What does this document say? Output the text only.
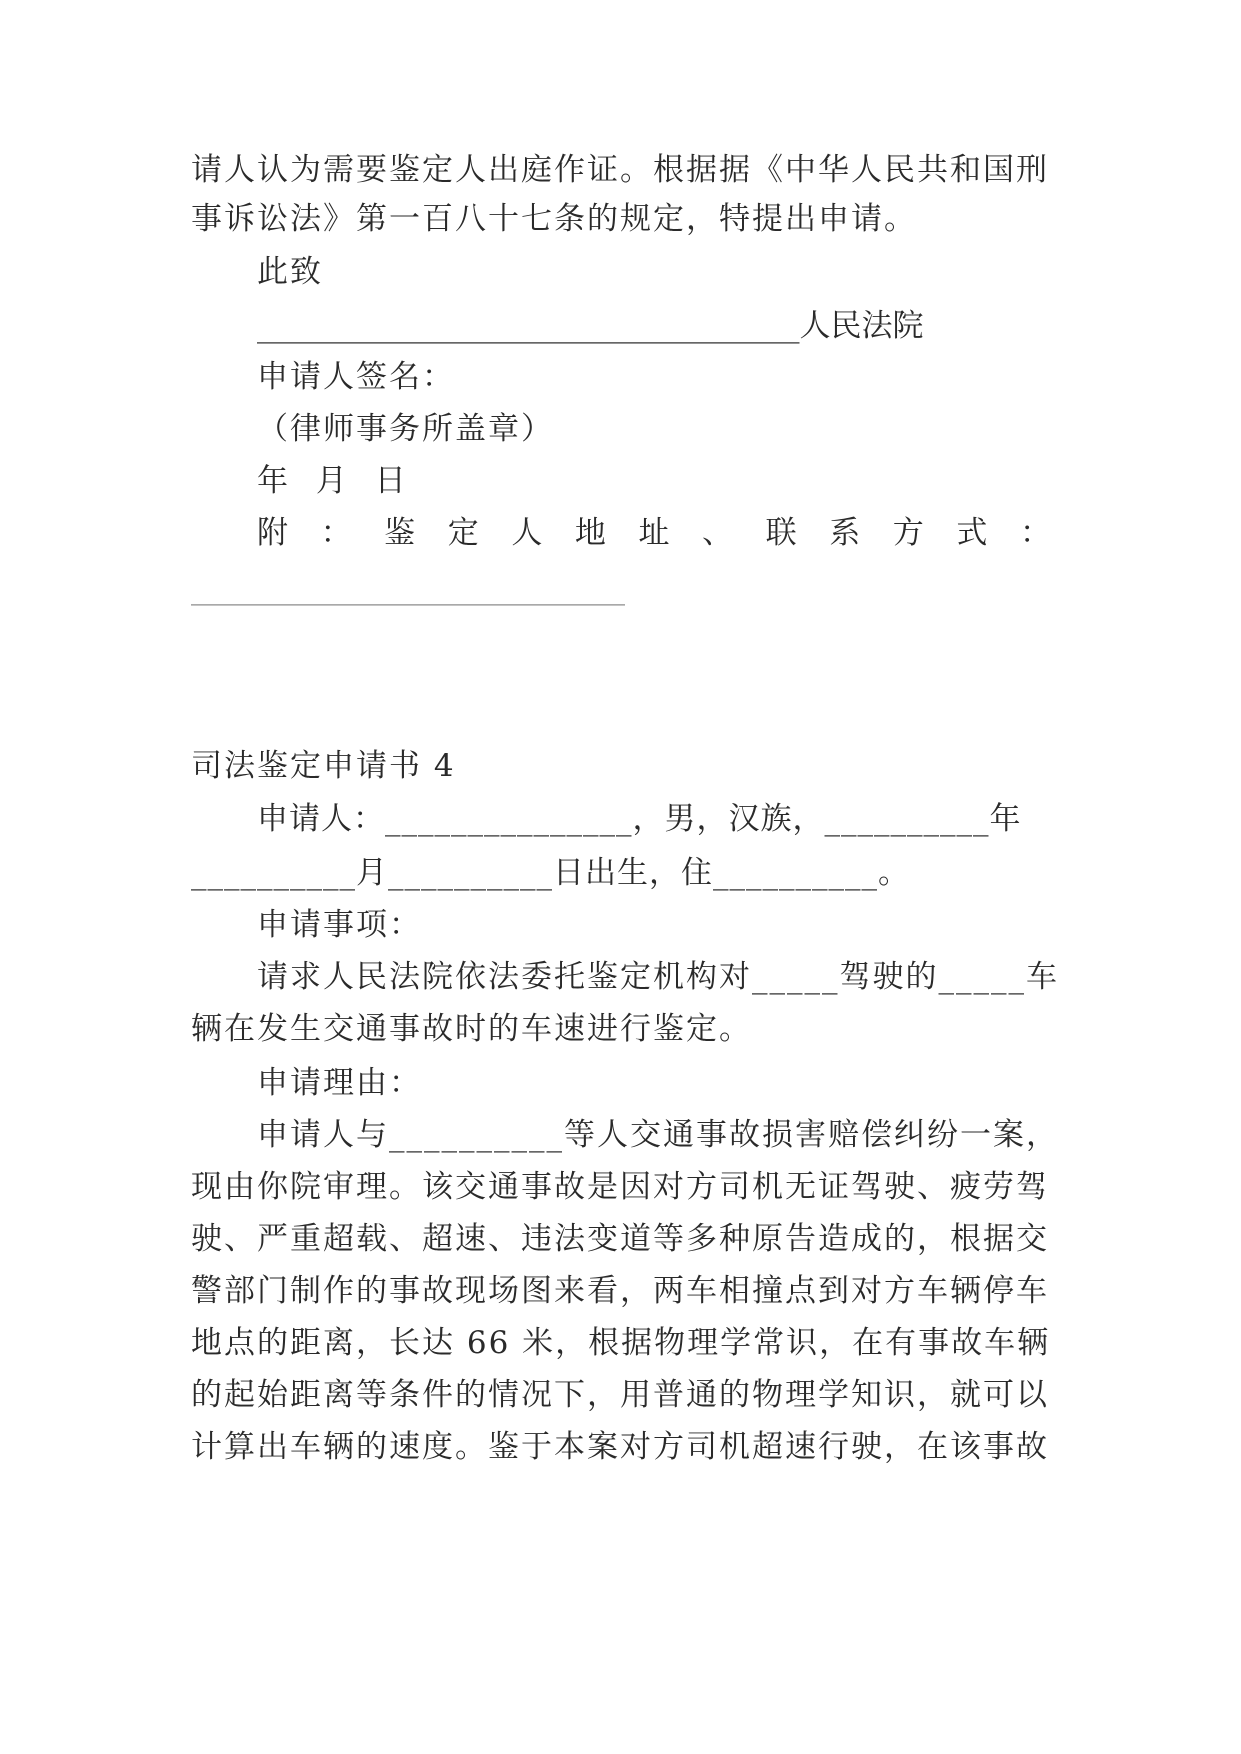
请人认为需要鉴定人出庭作证。根据据《中华人民共和国刑
事诉讼法》第一百八十七条的规定，特提出申请。
此致
___________________________________人民法院
申请人签名：
（律师事务所盖章）
年 月 日
附 ： 鉴 定 人 地 址 、 联 系 方 式 ：
____________________________
司法鉴定申请书 4
申请人：_______________，男，汉族，__________年
__________月__________日出生，住__________。
申请事项：
请求人民法院依法委托鉴定机构对_____驾驶的_____车
辆在发生交通事故时的车速进行鉴定。
申请理由：
申请人与__________等人交通事故损害赔偿纠纷一案，
现由你院审理。该交通事故是因对方司机无证驾驶、疲劳驾
驶、严重超载、超速、违法变道等多种原告造成的，根据交
警部门制作的事故现场图来看，两车相撞点到对方车辆停车
地点的距离，长达 66 米，根据物理学常识，在有事故车辆
的起始距离等条件的情况下，用普通的物理学知识，就可以
计算出车辆的速度。鉴于本案对方司机超速行驶，在该事故
